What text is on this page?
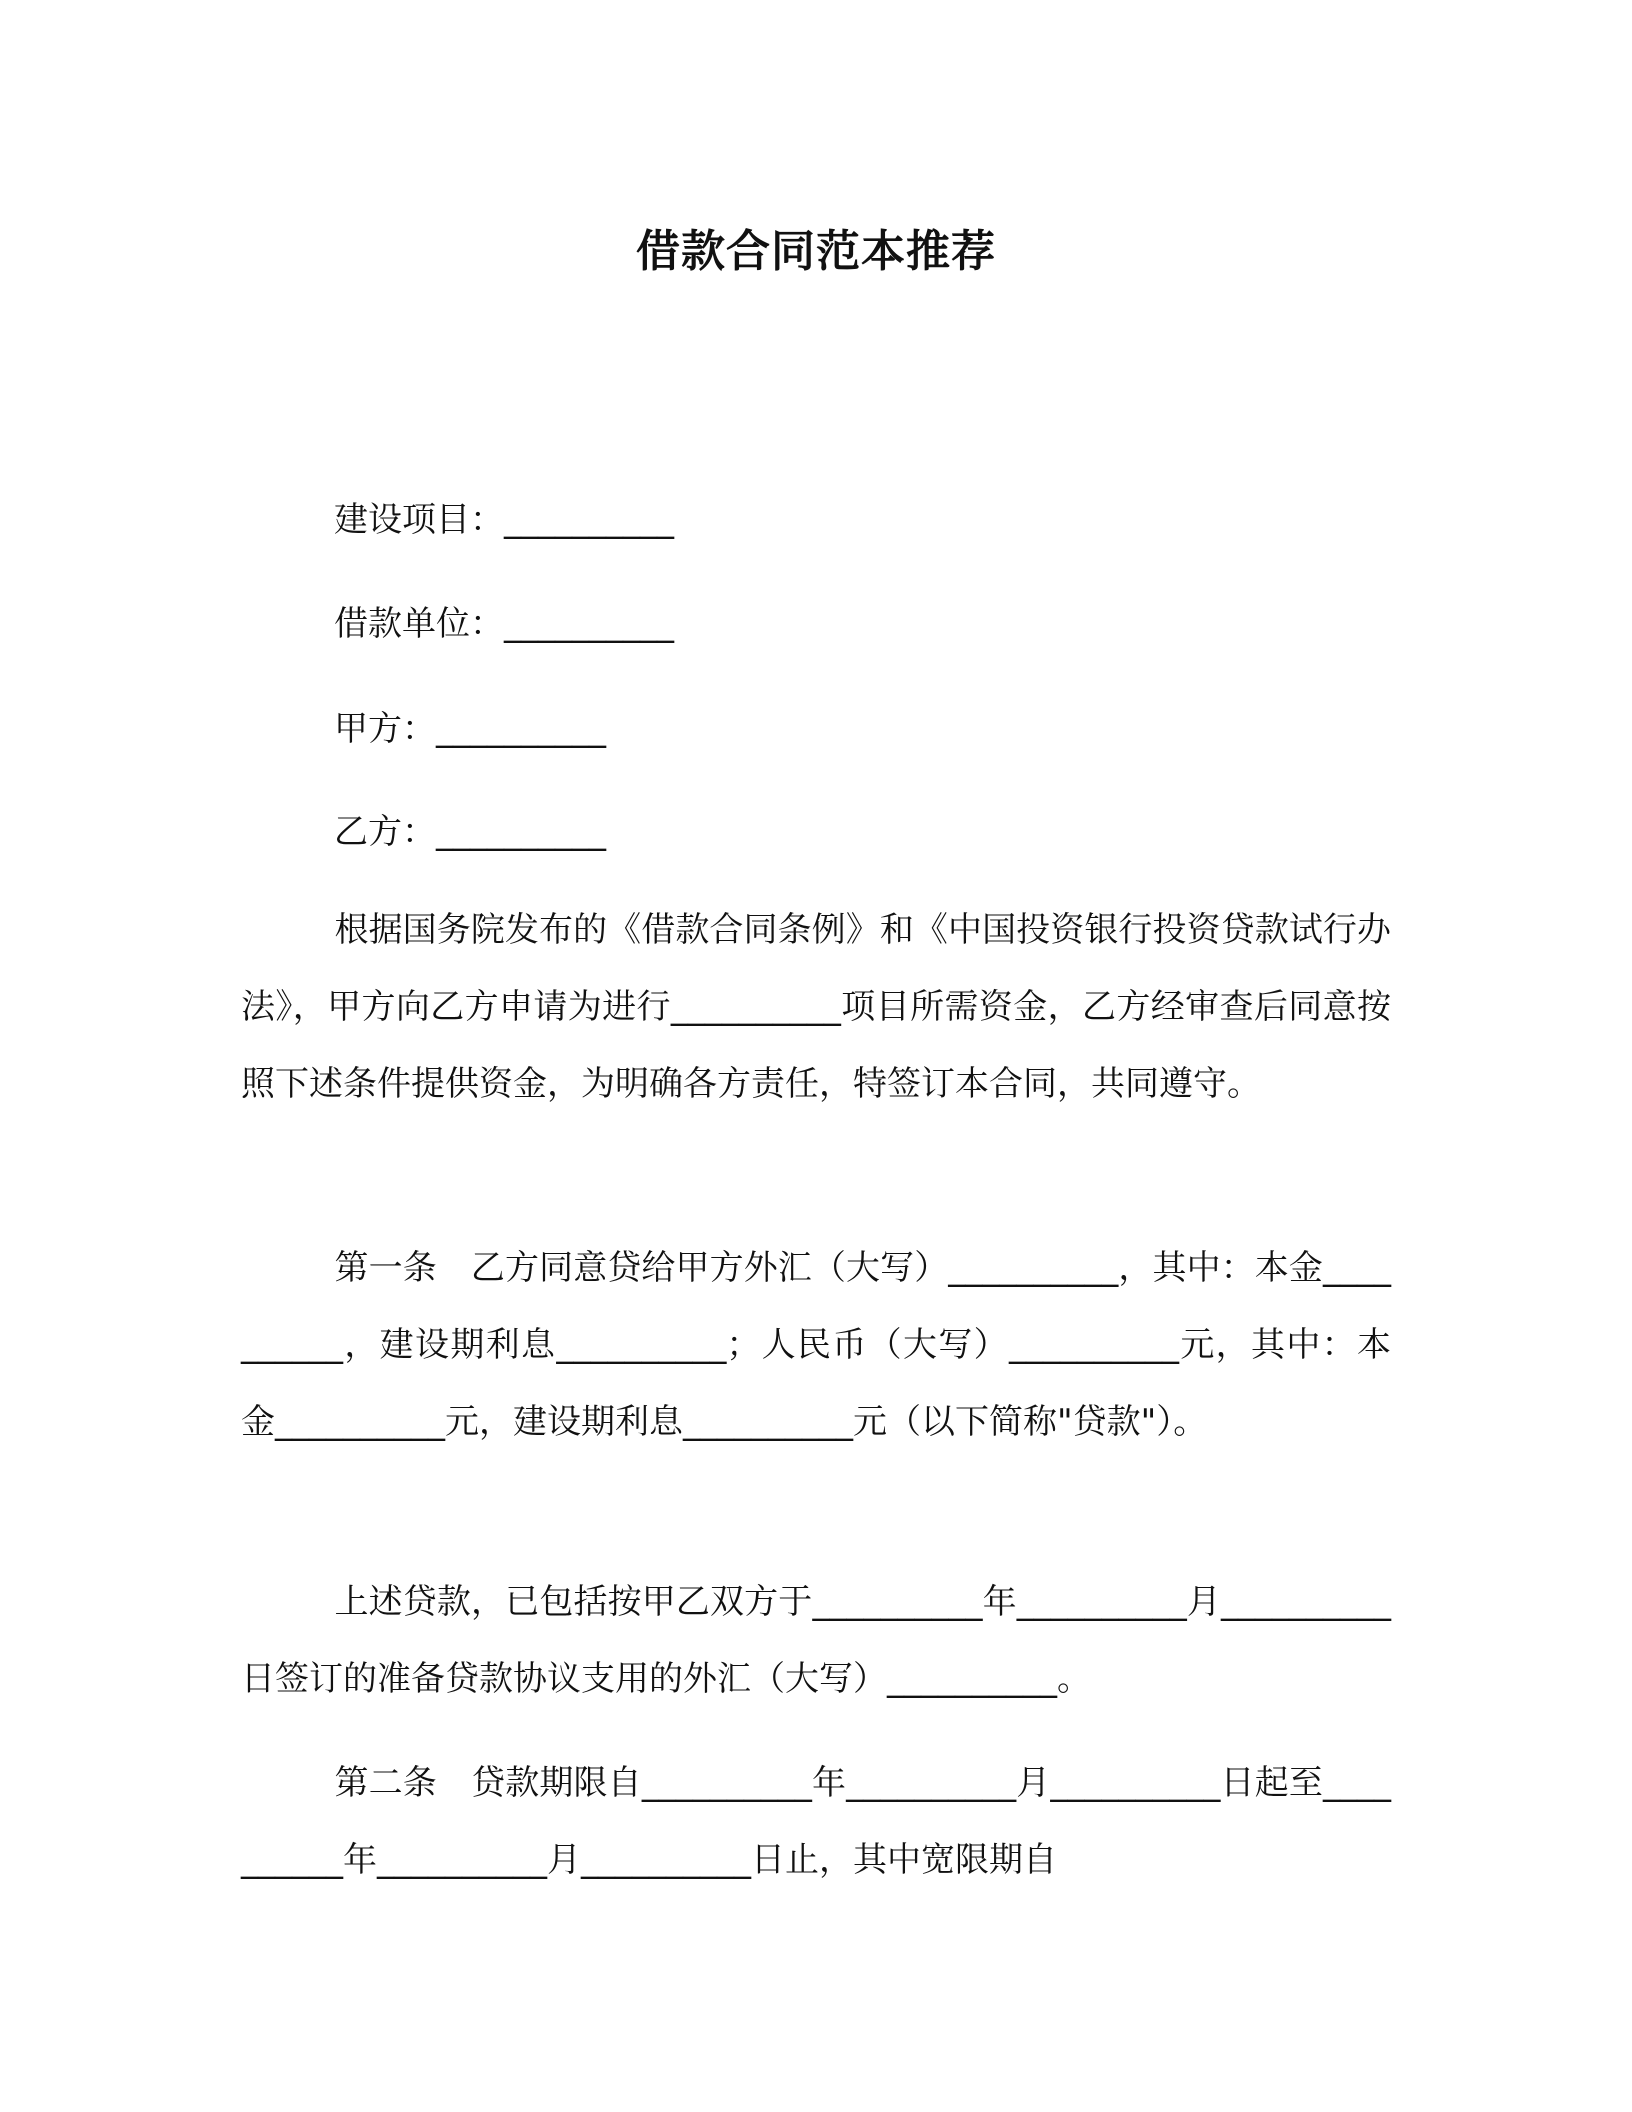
借款合同范本推荐
建设项目：__________
借款单位：__________
甲方：__________
乙方：__________
根据国务院发布的《借款合同条例》和《中国投资银行投资贷款试行办法》，甲方向乙方申请为进行__________项目所需资金，乙方经审查后同意按照下述条件提供资金，为明确各方责任，特签订本合同，共同遵守。
第一条　乙方同意贷给甲方外汇（大写）__________，其中：本金__________，建设期利息__________；人民币（大写）__________元，其中：本金__________元，建设期利息__________元（以下简称"贷款"）。
上述贷款，已包括按甲乙双方于__________年__________月__________日签订的准备贷款协议支用的外汇（大写）__________。
第二条　贷款期限自__________年__________月__________日起至__________年__________月__________日止，其中宽限期自
